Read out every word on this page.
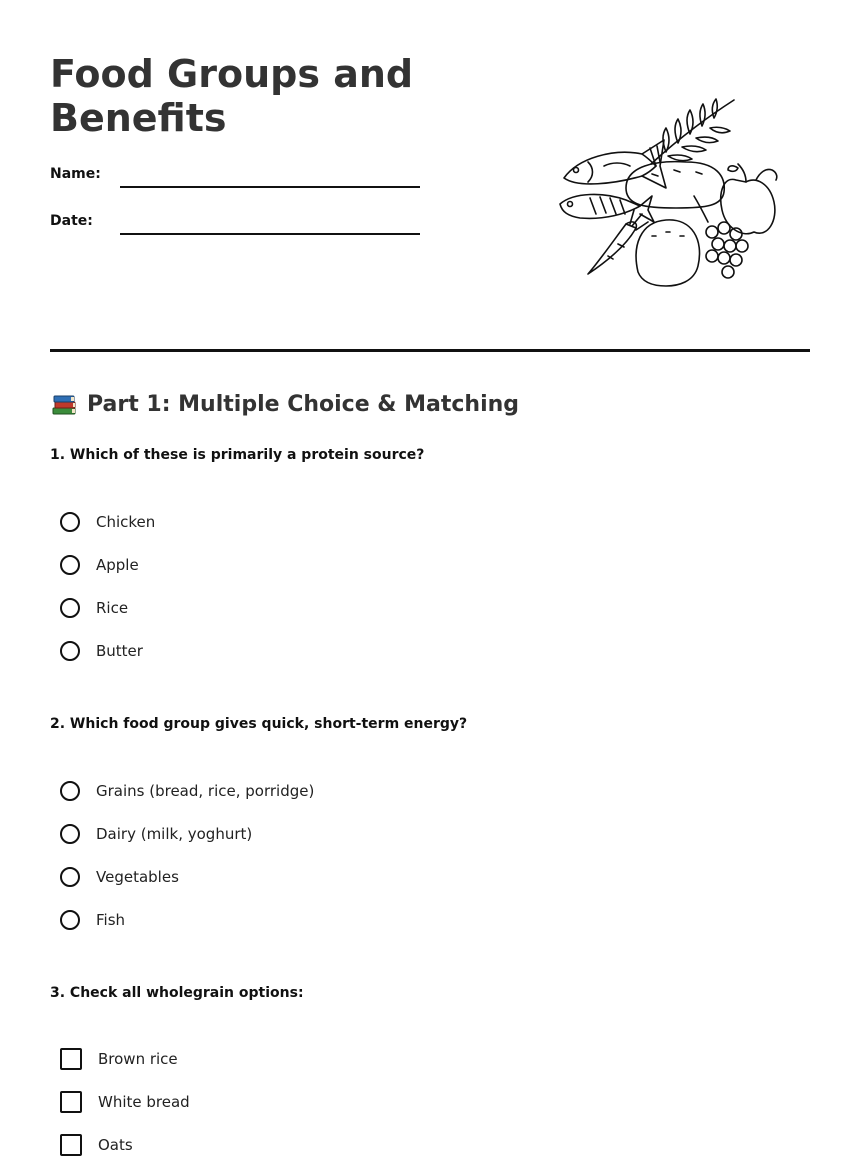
Food Groups and Benefits
Name:
Date:
Part 1: Multiple Choice & Matching
1. Which of these is primarily a protein source?
Chicken
Apple
Rice
Butter
2. Which food group gives quick, short-term energy?
Grains (bread, rice, porridge)
Dairy (milk, yoghurt)
Vegetables
Fish
3. Check all wholegrain options:
Brown rice
White bread
Oats
